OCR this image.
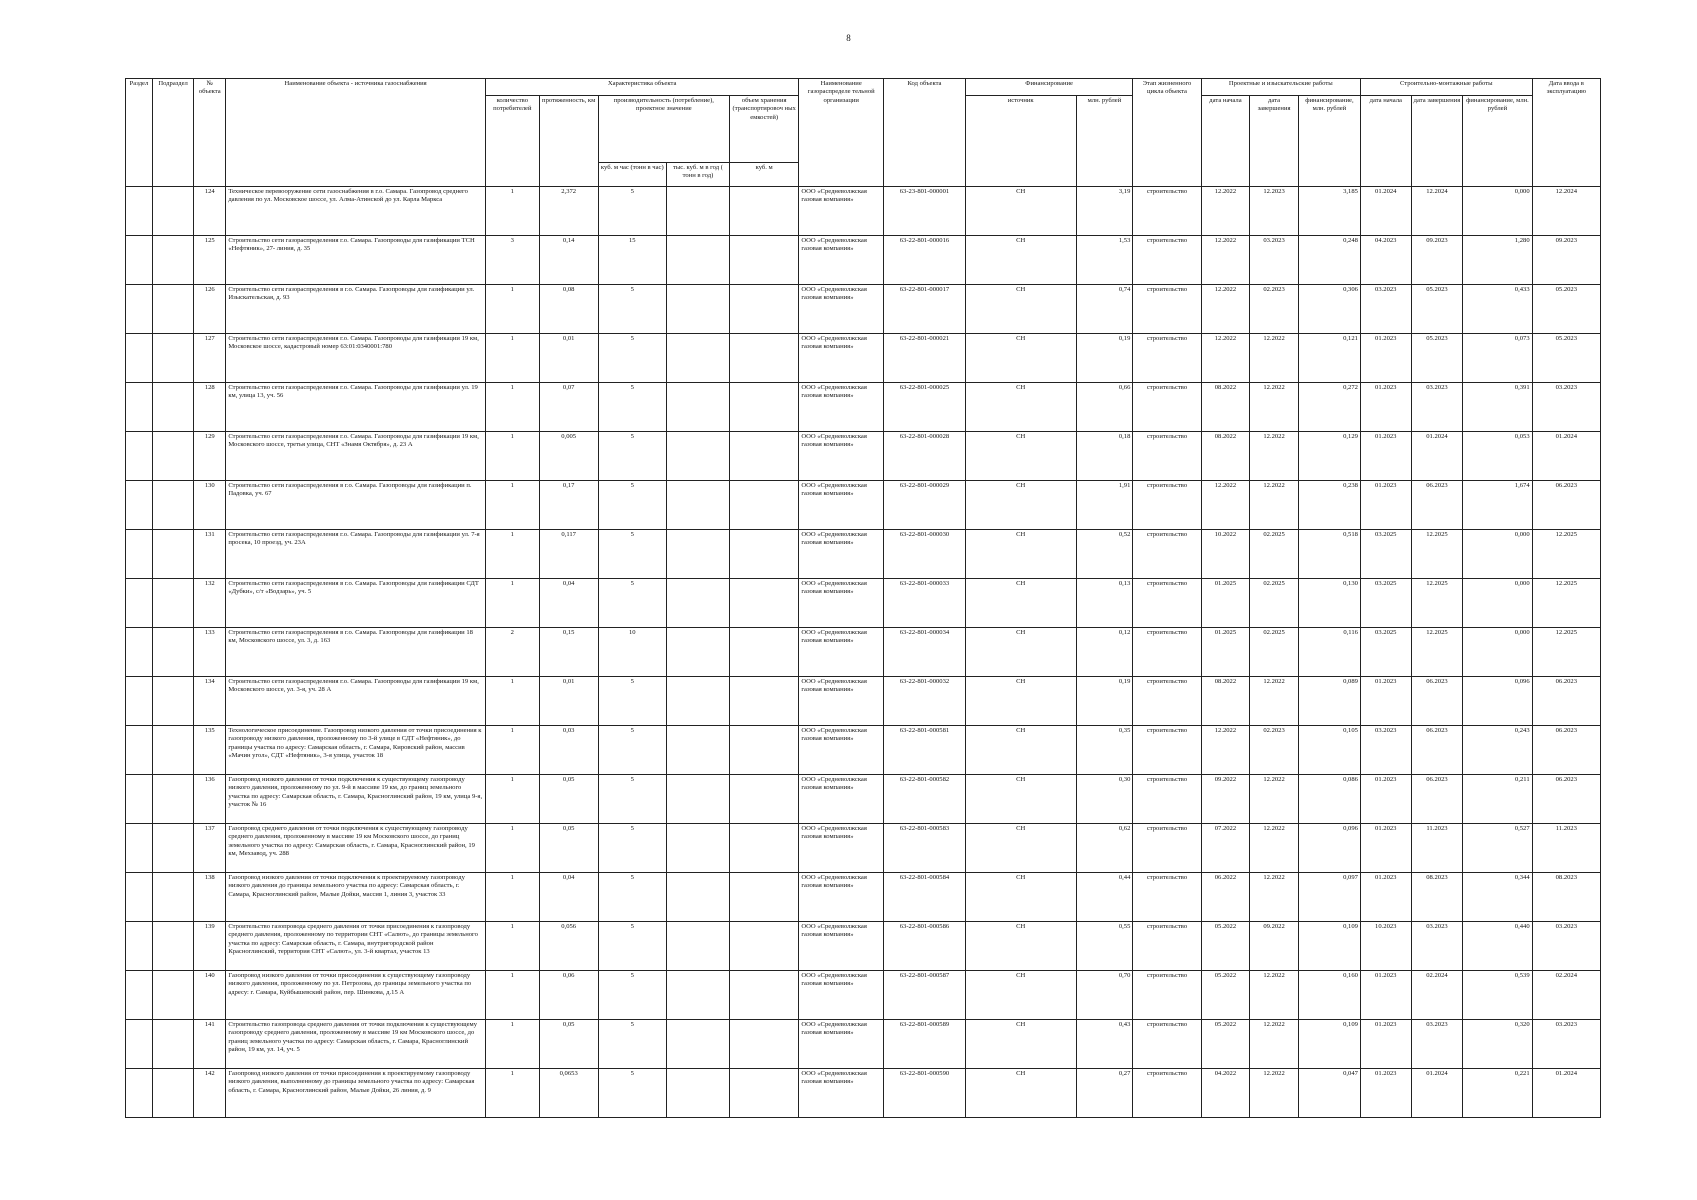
8
Раздел	Подраздел	№ объекта	Наименование объекта - источника газоснабжения	Характеристика объекта					Наименование газораспределе тельной организации	Код объекта	Финансирование		Этап жизненного цикла объекта	Проектные и изыскательские работы			Строительно-монтажные работы			Дата ввода в эксплуатацию
				количество потребителей	протяженность, км	производительность (потребление), проектное значение		объем хранения (транспортировоч ных емкостей)			источник	млн. рублей		дата начала	дата завершения	финансирование, млн. рублей	дата начала	дата завершения	финансирование, млн. рублей	
						куб. м час (тонн в час)	тыс. куб. м в год ( тонн в год)	куб. м												
		124	Техническое перевооружение сети газоснабжения в г.о. Самара. Газопровод среднего давления по ул. Московское шоссе, ул. Алма-Атинской до ул. Карла Маркса	1	2,372	5			ООО «Средневолжская газовая компания»	63-23-801-000001	СН	3,19	строительство	12.2022	12.2023	3,185	01.2024	12.2024	0,000	12.2024
		125	Строительство сети газораспределения г.о. Самара. Газопроводы для газификации ТСН «Нефтяник», 27- линия, д. 35	3	0,14	15			ООО «Средневолжская газовая компания»	63-22-801-000016	СН	1,53	строительство	12.2022	03.2023	0,248	04.2023	09.2023	1,280	09.2023
		126	Строительство сети газораспределения в г.о. Самара. Газопроводы для газификации ул. Изыскательская, д. 93	1	0,08	5			ООО «Средневолжская газовая компания»	63-22-801-000017	СН	0,74	строительство	12.2022	02.2023	0,306	03.2023	05.2023	0,433	05.2023
		127	Строительство сети газораспределения г.о. Самара. Газопроводы для газификации 19 км, Московское шоссе, кадастровый номер 63:01:0340001:780	1	0,01	5			ООО «Средневолжская газовая компания»	63-22-801-000021	СН	0,19	строительство	12.2022	12.2022	0,121	01.2023	05.2023	0,073	05.2023
		128	Строительство сети газораспределения г.о. Самара. Газопроводы для газификации ул. 19 км, улица 13, уч. 56	1	0,07	5			ООО «Средневолжская газовая компания»	63-22-801-000025	СН	0,66	строительство	08.2022	12.2022	0,272	01.2023	03.2023	0,391	03.2023
		129	Строительство сети газораспределения г.о. Самара. Газопроводы для газификации 19 км, Московского шоссе, третья улица, СНТ «Знамя Октября», д. 23 А	1	0,005	5			ООО «Средневолжская газовая компания»	63-22-801-000028	СН	0,18	строительство	08.2022	12.2022	0,129	01.2023	01.2024	0,053	01.2024
		130	Строительство сети газораспределения в г.о. Самара. Газопроводы для газификации п. Падовка, уч. 67	1	0,17	5			ООО «Средневолжская газовая компания»	63-22-801-000029	СН	1,91	строительство	12.2022	12.2022	0,238	01.2023	06.2023	1,674	06.2023
		131	Строительство сети газораспределения г.о. Самара. Газопроводы для газификации ул. 7-я просека, 10 проезд, уч. 23А	1	0,117	5			ООО «Средневолжская газовая компания»	63-22-801-000030	СН	0,52	строительство	10.2022	02.2025	0,518	03.2025	12.2025	0,000	12.2025
		132	Строительство сети газораспределения в г.о. Самара. Газопроводы для газификации СДТ «Дубки», с/т «Водзарь», уч. 5	1	0,04	5			ООО «Средневолжская газовая компания»	63-22-801-000033	СН	0,13	строительство	01.2025	02.2025	0,130	03.2025	12.2025	0,000	12.2025
		133	Строительство сети газораспределения в г.о. Самара. Газопроводы для газификации 18 км, Московского шоссе, ул. 3, д. 163	2	0,15	10			ООО «Средневолжская газовая компания»	63-22-801-000034	СН	0,12	строительство	01.2025	02.2025	0,116	03.2025	12.2025	0,000	12.2025
		134	Строительство сети газораспределения г.о. Самара. Газопроводы для газификации 19 км, Московского шоссе, ул. 3-я, уч. 28 А	1	0,01	5			ООО «Средневолжская газовая компания»	63-22-801-000032	СН	0,19	строительство	08.2022	12.2022	0,089	01.2023	06.2023	0,096	06.2023
		135	Технологическое присоединение. Газопровод низкого давления от точки присоединения к газопроводу низкого давления, проложенному по 3-й улице в СДТ «Нефтяник», до границы участка по адресу: Самарская область, г. Самара, Кировский район, массив «Мачин угол», СДТ «Нефтяник», 3-я улица, участок 18	1	0,03	5			ООО «Средневолжская газовая компания»	63-22-801-000581	СН	0,35	строительство	12.2022	02.2023	0,105	03.2023	06.2023	0,243	06.2023
		136	Газопровод низкого давления от точки подключения к существующему газопроводу низкого давления, проложенному по ул. 9-й в массиве 19 км, до границ земельного участка по адресу: Самарская область, г. Самара, Красноглинский район, 19 км, улица 9-я, участок № 16	1	0,05	5			ООО «Средневолжская газовая компания»	63-22-801-000582	СН	0,30	строительство	09.2022	12.2022	0,086	01.2023	06.2023	0,211	06.2023
		137	Газопровод среднего давления от точки подключения к существующему газопроводу среднего давления, проложенному в массиве 19 км Московского шоссе, до границ земельного участка по адресу: Самарская область, г. Самара, Красноглинский район, 19 км, Мехзавод, уч. 288	1	0,05	5			ООО «Средневолжская газовая компания»	63-22-801-000583	СН	0,62	строительство	07.2022	12.2022	0,096	01.2023	11.2023	0,527	11.2023
		138	Газопровод низкого давления от точки подключения к проектируемому газопроводу низкого давления до границы земельного участка по адресу: Самарская область, г. Самара, Красноглинский район, Малые Дойки, массив 1, линия 3, участок 33	1	0,04	5			ООО «Средневолжская газовая компания»	63-22-801-000584	СН	0,44	строительство	06.2022	12.2022	0,097	01.2023	08.2023	0,344	08.2023
		139	Строительство газопровода среднего давления от точки присоединения к газопроводу среднего давления, проложенному по территории СНТ «Салют», до границы земельного участка по адресу: Самарская область, г. Самара, внутригородской район Красноглинский, территория СНТ «Салют», ул. 3-й квартал, участок 13	1	0,056	5			ООО «Средневолжская газовая компания»	63-22-801-000586	СН	0,55	строительство	05.2022	09.2022	0,109	10.2023	03.2023	0,440	03.2023
		140	Газопровод низкого давления от точки присоединения к существующему газопроводу низкого давления, проложенному по ул. Петрозова, до границы земельного участка по адресу: г. Самара, Куйбышевский район, пер. Шинкова, д.15 А	1	0,06	5			ООО «Средневолжская газовая компания»	63-22-801-000587	СН	0,70	строительство	05.2022	12.2022	0,160	01.2023	02.2024	0,539	02.2024
		141	Строительство газопровода среднего давления от точки подключения к существующему газопроводу среднего давления, проложенному в массиве 19 км Московского шоссе, до границ земельного участка по адресу: Самарская область, г. Самара, Красноглинский район, 19 км, ул. 14, уч. 5	1	0,05	5			ООО «Средневолжская газовая компания»	63-22-801-000589	СН	0,43	строительство	05.2022	12.2022	0,109	01.2023	03.2023	0,320	03.2023
		142	Газопровод низкого давления от точки присоединения к проектируемому газопроводу низкого давления, выполненному до границы земельного участка по адресу: Самарская область, г. Самара, Красноглинский район, Малые Дойки, 26 линия, д. 9	1	0,0653	5			ООО «Средневолжская газовая компания»	63-22-801-000590	СН	0,27	строительство	04.2022	12.2022	0,047	01.2023	01.2024	0,221	01.2024
